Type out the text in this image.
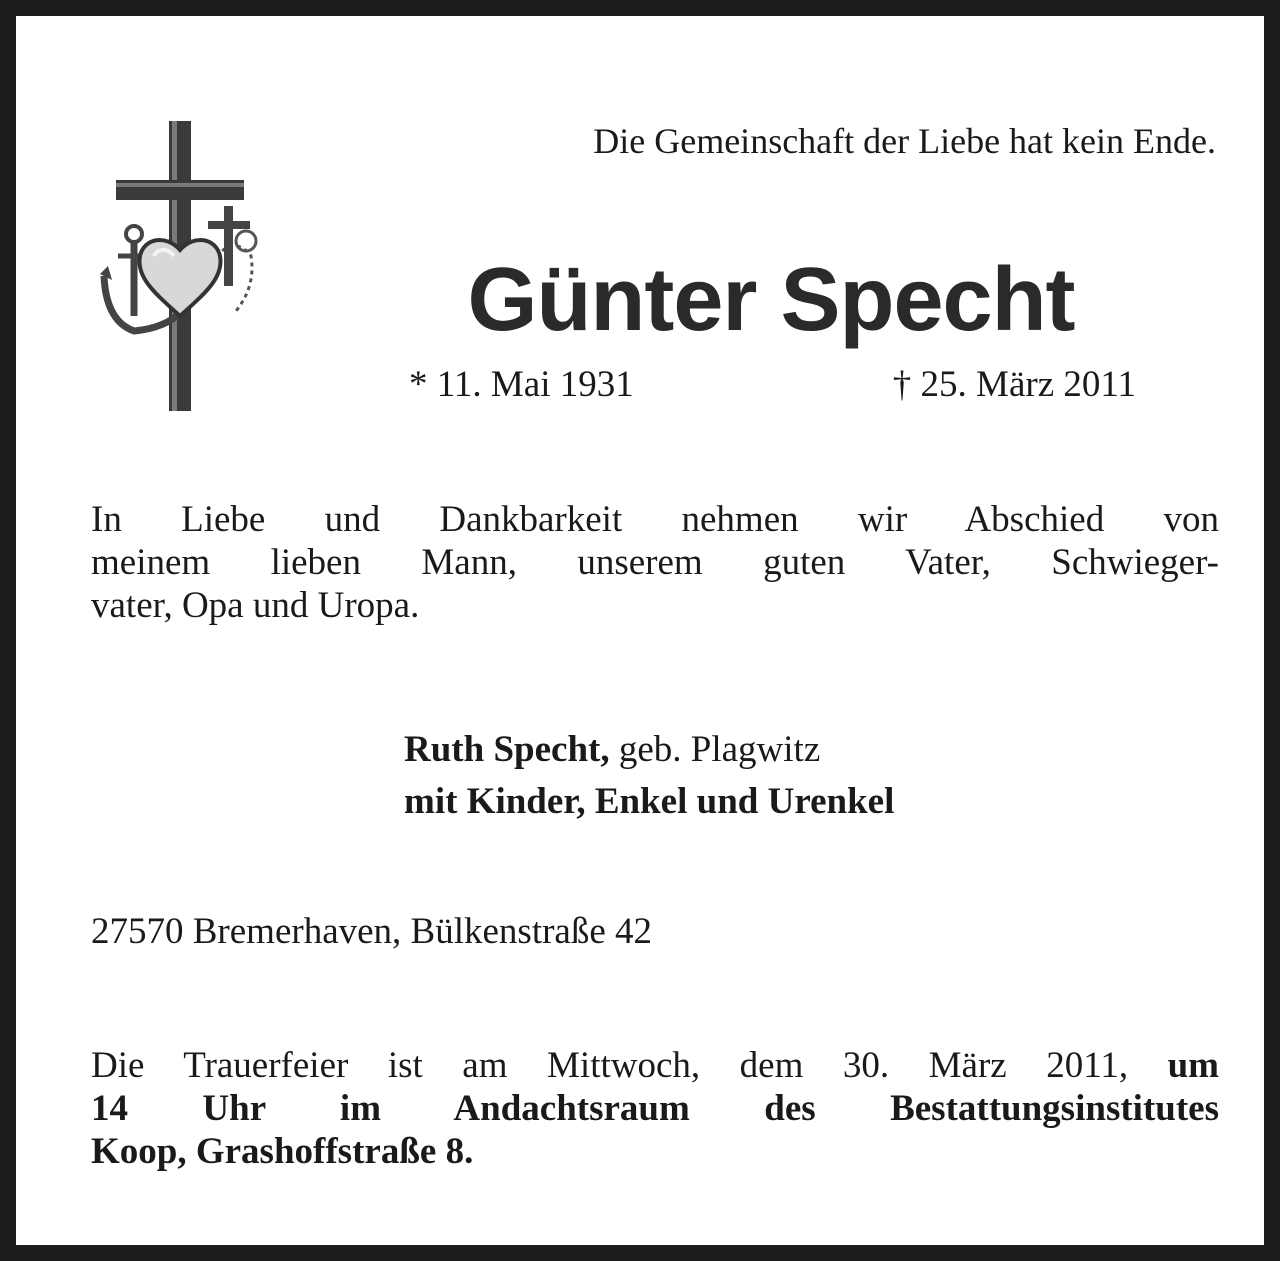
Die Gemeinschaft der Liebe hat kein Ende.
Günter Specht
* 11. Mai 1931	† 25. März 2011
In Liebe und Dankbarkeit nehmen wir Abschied von
meinem lieben Mann, unserem guten Vater, Schwieger-
vater, Opa und Uropa.
Ruth Specht, geb. Plagwitz
mit Kinder, Enkel und Urenkel
27570 Bremerhaven, Bülkenstraße 42
Die Trauerfeier ist am Mittwoch, dem 30. März 2011, um
14 Uhr im Andachtsraum des Bestattungsinstitutes
Koop, Grashoffstraße 8.
